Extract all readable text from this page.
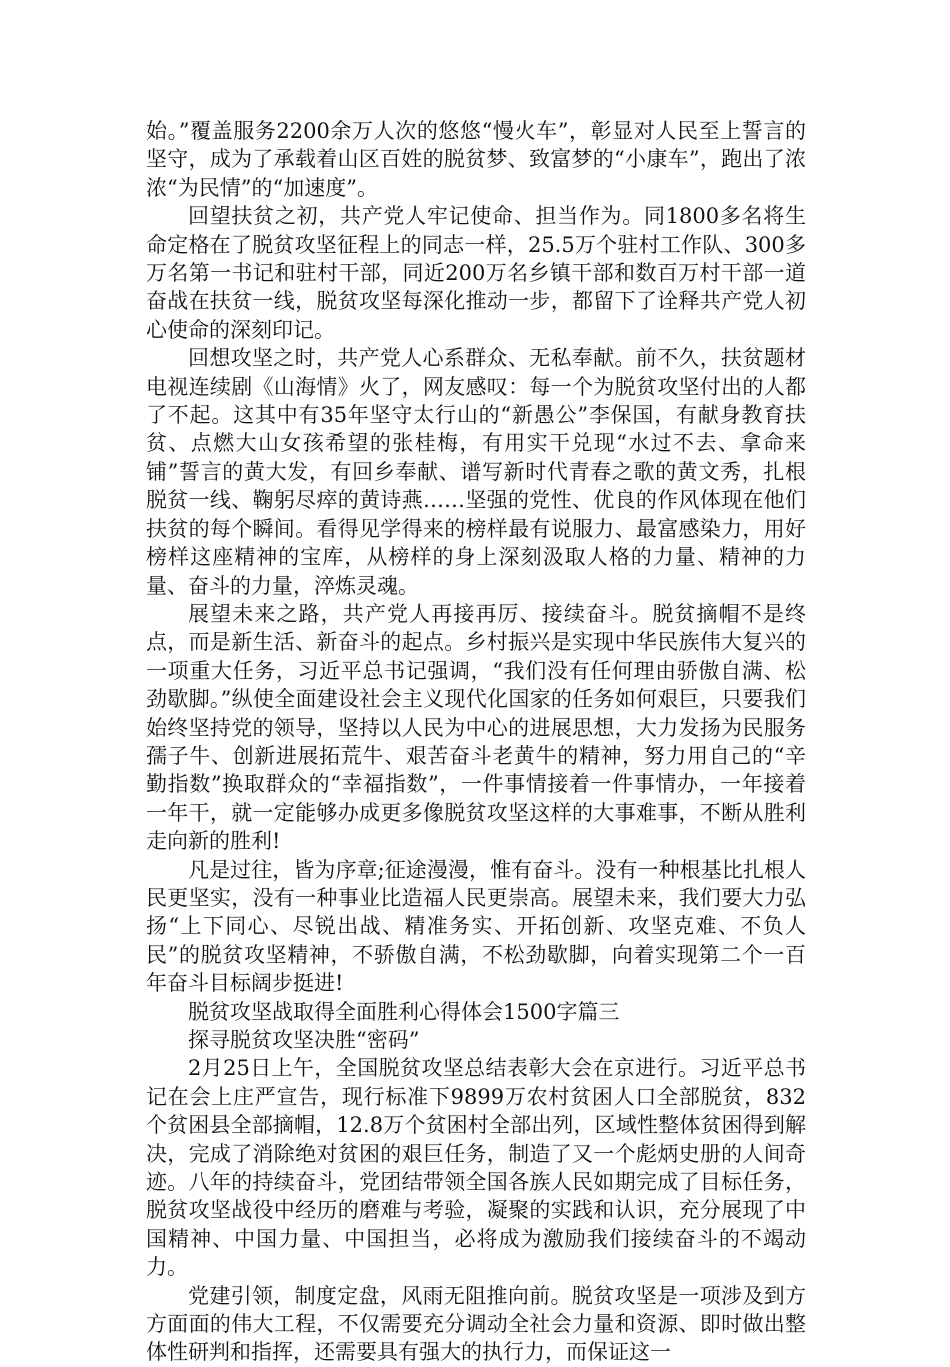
始。”覆盖服务2200余万人次的悠悠“慢火车”，彰显对人民至上誓言的坚守，成为了承载着山区百姓的脱贫梦、致富梦的“小康车”，跑出了浓浓“为民情”的“加速度”。

回望扶贫之初，共产党人牢记使命、担当作为。同1800多名将生命定格在了脱贫攻坚征程上的同志一样，25.5万个驻村工作队、300多万名第一书记和驻村干部，同近200万名乡镇干部和数百万村干部一道奋战在扶贫一线，脱贫攻坚每深化推动一步，都留下了诠释共产党人初心使命的深刻印记。

回想攻坚之时，共产党人心系群众、无私奉献。前不久，扶贫题材电视连续剧《山海情》火了，网友感叹：每一个为脱贫攻坚付出的人都了不起。这其中有35年坚守太行山的“新愚公”李保国，有献身教育扶贫、点燃大山女孩希望的张桂梅，有用实干兑现“水过不去、拿命来铺”誓言的黄大发，有回乡奉献、谱写新时代青春之歌的黄文秀，扎根脱贫一线、鞠躬尽瘁的黄诗燕……坚强的党性、优良的作风体现在他们扶贫的每个瞬间。看得见学得来的榜样最有说服力、最富感染力，用好榜样这座精神的宝库，从榜样的身上深刻汲取人格的力量、精神的力量、奋斗的力量，淬炼灵魂。

展望未来之路，共产党人再接再厉、接续奋斗。脱贫摘帽不是终点，而是新生活、新奋斗的起点。乡村振兴是实现中华民族伟大复兴的一项重大任务，习近平总书记强调，“我们没有任何理由骄傲自满、松劲歇脚。”纵使全面建设社会主义现代化国家的任务如何艰巨，只要我们始终坚持党的领导，坚持以人民为中心的进展思想，大力发扬为民服务孺子牛、创新进展拓荒牛、艰苦奋斗老黄牛的精神，努力用自己的“辛勤指数”换取群众的“幸福指数”，一件事情接着一件事情办，一年接着一年干，就一定能够办成更多像脱贫攻坚这样的大事难事，不断从胜利走向新的胜利!

凡是过往，皆为序章;征途漫漫，惟有奋斗。没有一种根基比扎根人民更坚实，没有一种事业比造福人民更崇高。展望未来，我们要大力弘扬“上下同心、尽锐出战、精准务实、开拓创新、攻坚克难、不负人民”的脱贫攻坚精神，不骄傲自满，不松劲歇脚，向着实现第二个一百年奋斗目标阔步挺进!

脱贫攻坚战取得全面胜利心得体会1500字篇三

探寻脱贫攻坚决胜“密码”

2月25日上午，全国脱贫攻坚总结表彰大会在京进行。习近平总书记在会上庄严宣告，现行标准下9899万农村贫困人口全部脱贫，832个贫困县全部摘帽，12.8万个贫困村全部出列，区域性整体贫困得到解决，完成了消除绝对贫困的艰巨任务，制造了又一个彪炳史册的人间奇迹。八年的持续奋斗，党团结带领全国各族人民如期完成了目标任务，脱贫攻坚战役中经历的磨难与考验，凝聚的实践和认识，充分展现了中国精神、中国力量、中国担当，必将成为激励我们接续奋斗的不竭动力。

党建引领，制度定盘，风雨无阻推向前。脱贫攻坚是一项涉及到方方面面的伟大工程，不仅需要充分调动全社会力量和资源、即时做出整体性研判和指挥，还需要具有强大的执行力，而保证这一
